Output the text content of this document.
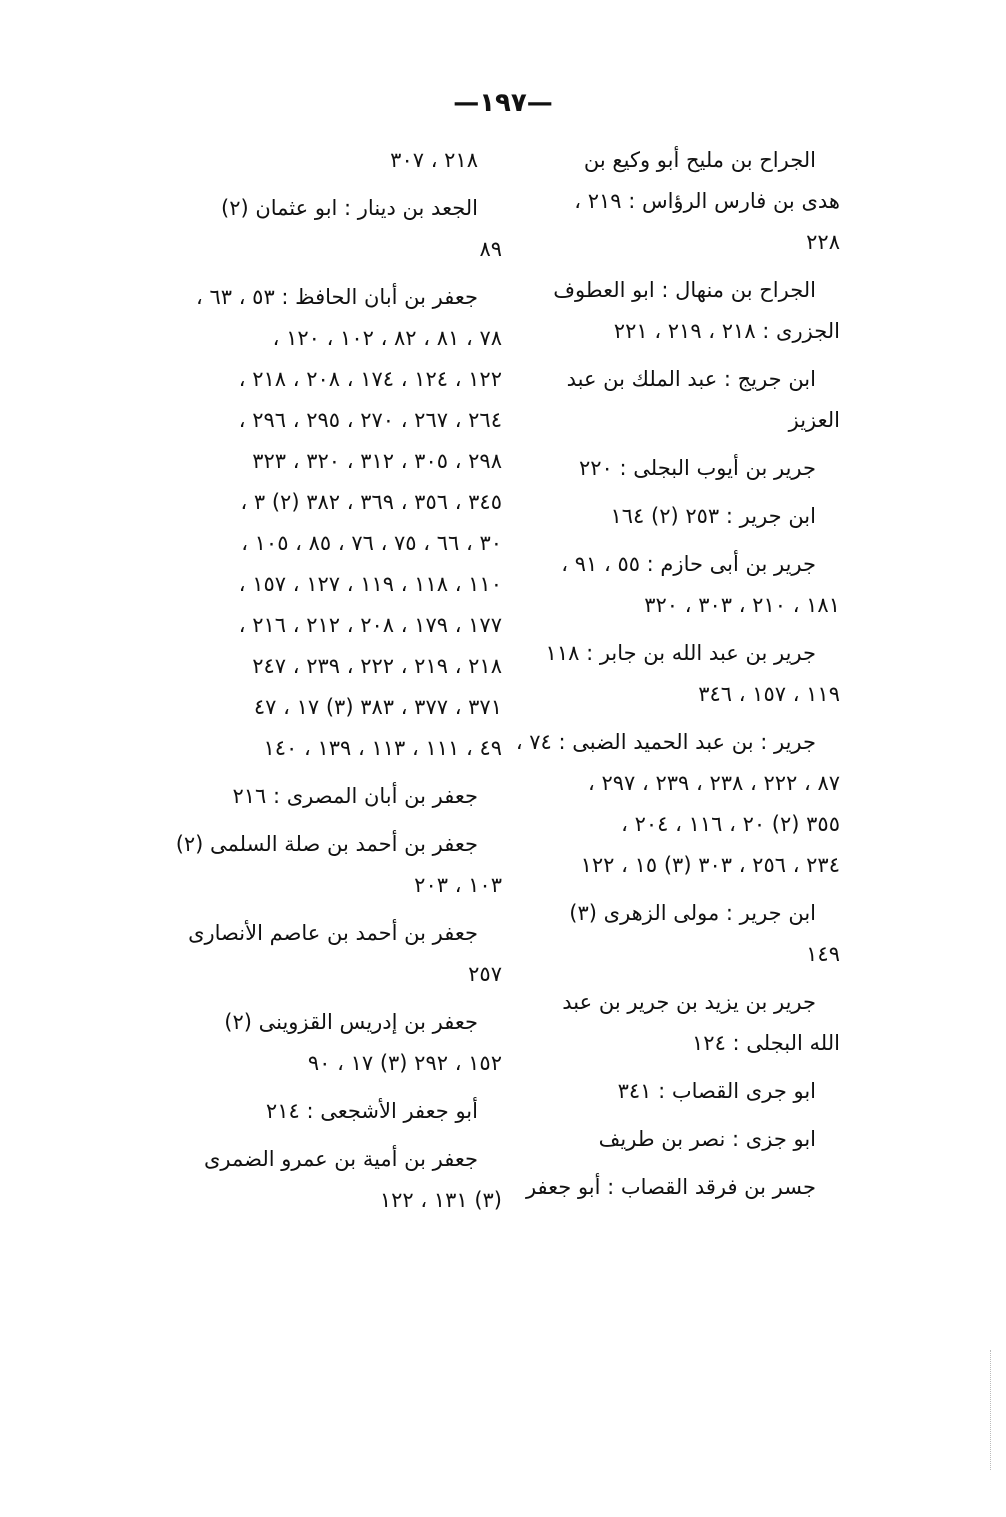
—١٩٧—
الجراح بن مليح أبو وكيع بن
هدى بن فارس الرؤاس : ٢١٩ ،
٢٢٨
الجراح بن منهال : ابو العطوف
الجزرى : ٢١٨ ، ٢١٩ ، ٢٢١
ابن جريج : عبد الملك بن عبد
العزيز
جرير بن أيوب البجلى : ٢٢٠
ابن جرير : ٢٥٣ (٢) ١٦٤
جرير بن أبى حازم : ٥٥ ، ٩١ ،
١٨١ ، ٢١٠ ، ٣٠٣ ، ٣٢٠
جرير بن عبد الله بن جابر : ١١٨
١١٩ ، ١٥٧ ، ٣٤٦
جرير : بن عبد الحميد الضبى : ٧٤ ،
٨٧ ، ٢٢٢ ، ٢٣٨ ، ٢٣٩ ، ٢٩٧ ،
٣٥٥ (٢) ٢٠ ، ١١٦ ، ٢٠٤ ،
٢٣٤ ، ٢٥٦ ، ٣٠٣ (٣) ١٥ ، ١٢٢
ابن جرير : مولى الزهرى (٣)
١٤٩
جرير بن يزيد بن جرير بن عبد
الله البجلى : ١٢٤
ابو جرى القصاب : ٣٤١
ابو جزى : نصر بن طريف
جسر بن فرقد القصاب : أبو جعفر
٢١٨ ، ٣٠٧
الجعد بن دينار : ابو عثمان (٢)
٨٩
جعفر بن أبان الحافظ : ٥٣ ، ٦٣ ،
٧٨ ، ٨١ ، ٨٢ ، ١٠٢ ، ١٢٠ ،
١٢٢ ، ١٢٤ ، ١٧٤ ، ٢٠٨ ، ٢١٨ ،
٢٦٤ ، ٢٦٧ ، ٢٧٠ ، ٢٩٥ ، ٢٩٦ ،
٢٩٨ ، ٣٠٥ ، ٣١٢ ، ٣٢٠ ، ٣٢٣
٣٤٥ ، ٣٥٦ ، ٣٦٩ ، ٣٨٢ (٢) ٣ ،
٣٠ ، ٦٦ ، ٧٥ ، ٧٦ ، ٨٥ ، ١٠٥ ،
١١٠ ، ١١٨ ، ١١٩ ، ١٢٧ ، ١٥٧ ،
١٧٧ ، ١٧٩ ، ٢٠٨ ، ٢١٢ ، ٢١٦ ،
٢١٨ ، ٢١٩ ، ٢٢٢ ، ٢٣٩ ، ٢٤٧
٣٧١ ، ٣٧٧ ، ٣٨٣ (٣) ١٧ ، ٤٧
٤٩ ، ١١١ ، ١١٣ ، ١٣٩ ، ١٤٠
جعفر بن أبان المصرى : ٢١٦
جعفر بن أحمد بن صلة السلمى (٢)
١٠٣ ، ٢٠٣
جعفر بن أحمد بن عاصم الأنصارى
٢٥٧
جعفر بن إدريس القزوينى (٢)
١٥٢ ، ٢٩٢ (٣) ١٧ ، ٩٠
أبو جعفر الأشجعى : ٢١٤
جعفر بن أمية بن عمرو الضمرى
(٣) ١٣١ ، ١٢٢
